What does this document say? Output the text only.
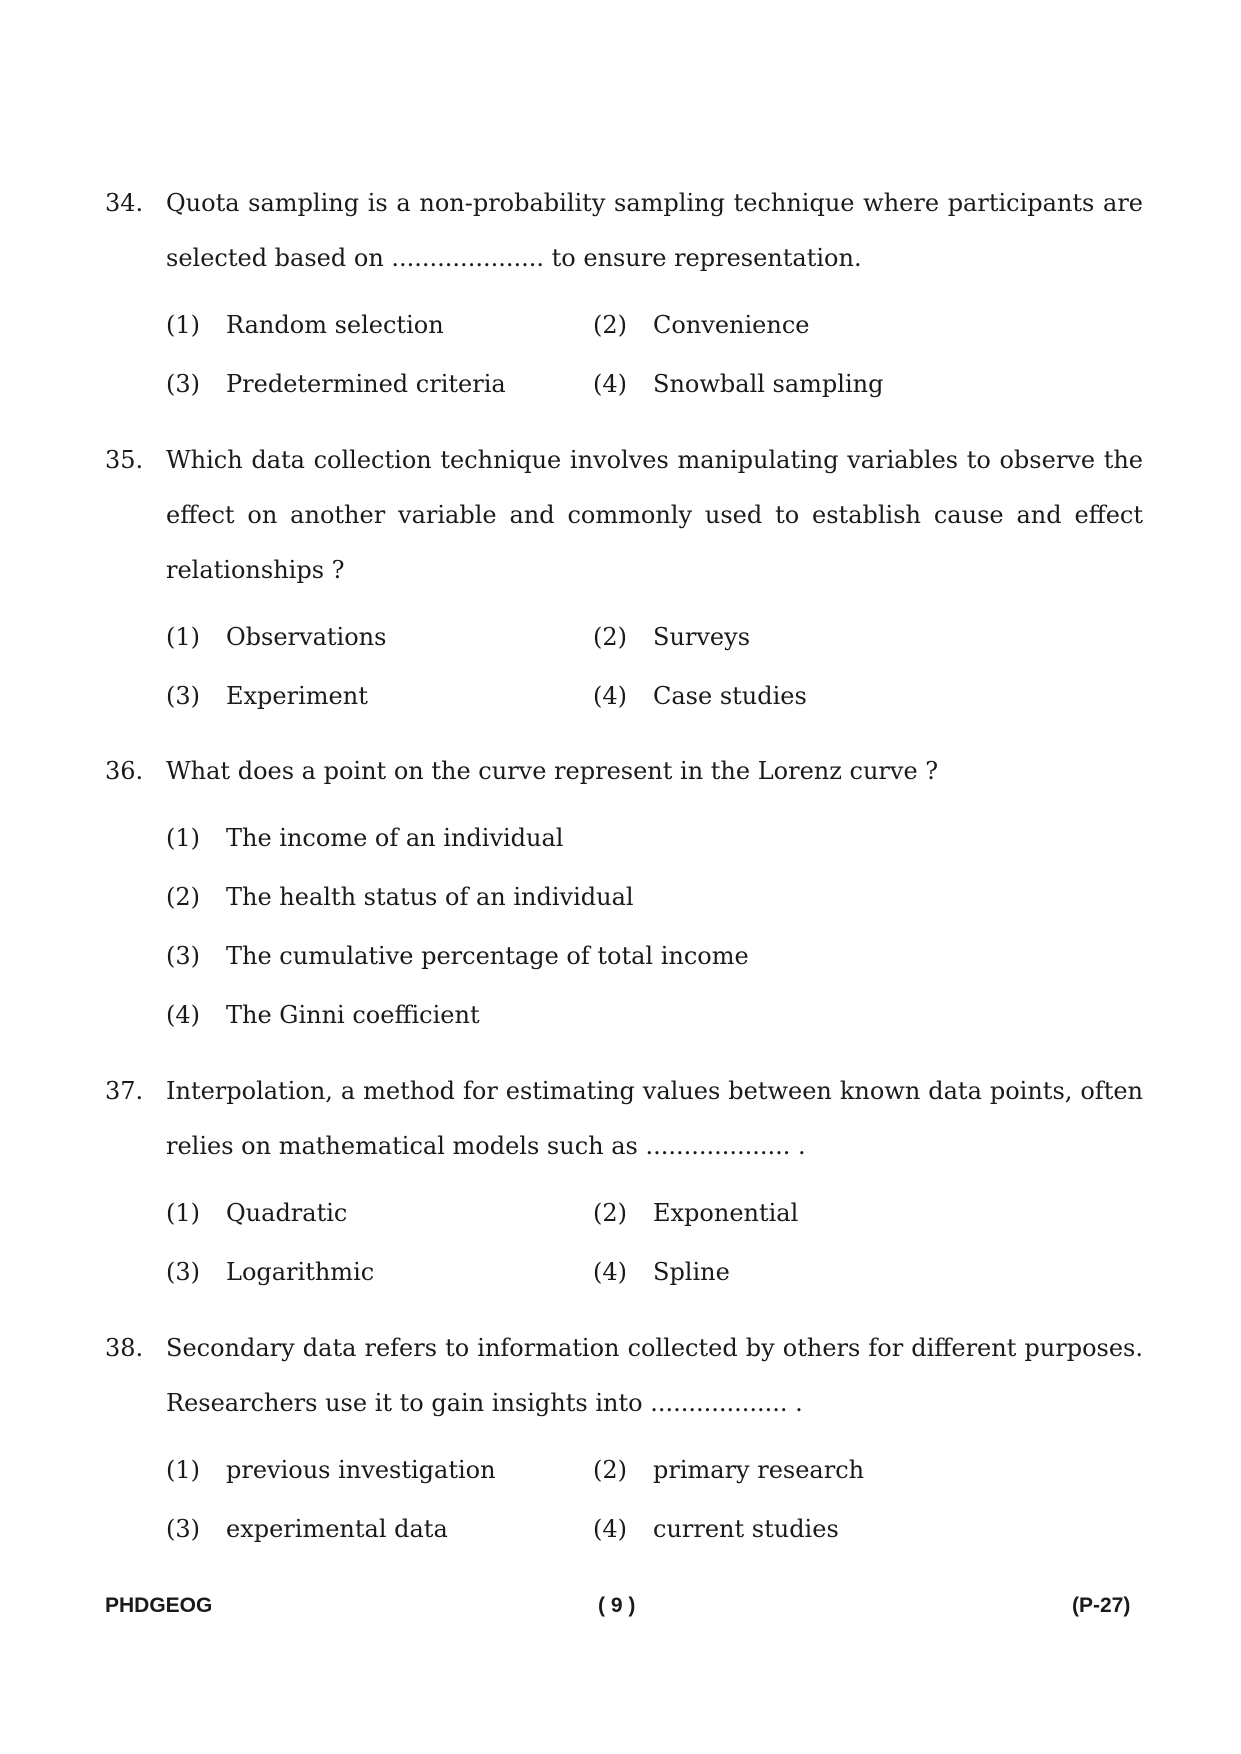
34. Quota sampling is a non-probability sampling technique where participants are selected based on .................... to ensure representation.
(1) Random selection	(2) Convenience
(3) Predetermined criteria	(4) Snowball sampling
35. Which data collection technique involves manipulating variables to observe the effect on another variable and commonly used to establish cause and effect relationships ?
(1) Observations	(2) Surveys
(3) Experiment	(4) Case studies
36. What does a point on the curve represent in the Lorenz curve ?
(1) The income of an individual
(2) The health status of an individual
(3) The cumulative percentage of total income
(4) The Ginni coefficient
37. Interpolation, a method for estimating values between known data points, often relies on mathematical models such as ................... .
(1) Quadratic	(2) Exponential
(3) Logarithmic	(4) Spline
38. Secondary data refers to information collected by others for different purposes. Researchers use it to gain insights into .................. .
(1) previous investigation	(2) primary research
(3) experimental data	(4) current studies
PHDGEOG	( 9 )	(P-27)
